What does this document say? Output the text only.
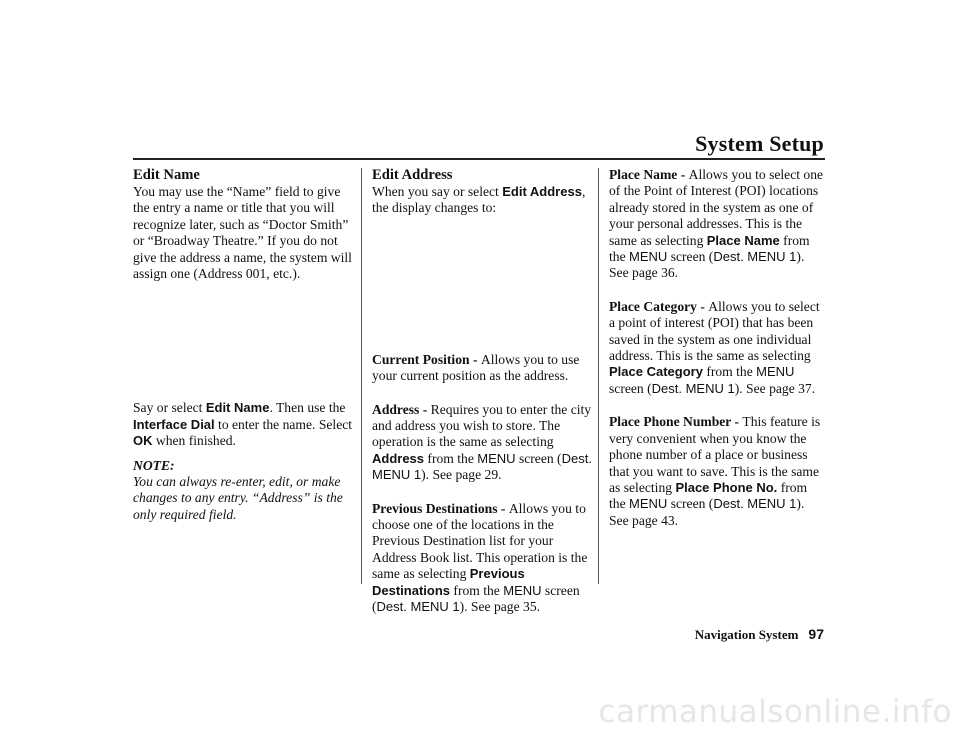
System Setup
Edit Name

You may use the “Name” field to give the entry a name or title that you will recognize later, such as “Doctor Smith” or “Broadway Theatre.” If you do not give the address a name, the system will assign one (Address 001, etc.).

Say or select Edit Name. Then use the Interface Dial to enter the name. Select OK when finished.

NOTE:

You can always re-enter, edit, or make changes to any entry. “Address” is the only required field.

Edit Address

When you say or select Edit Address, the display changes to:

Current Position - Allows you to use your current position as the address.

Address - Requires you to enter the city and address you wish to store. The operation is the same as selecting Address from the MENU screen (Dest. MENU 1). See page 29.

Previous Destinations - Allows you to choose one of the locations in the Previous Destination list for your Address Book list. This operation is the same as selecting Previous Destinations from the MENU screen (Dest. MENU 1). See page 35.

Place Name - Allows you to select one of the Point of Interest (POI) locations already stored in the system as one of your personal addresses. This is the same as selecting Place Name from the MENU screen (Dest. MENU 1). See page 36.

Place Category - Allows you to select a point of interest (POI) that has been saved in the system as one individual address. This is the same as selecting Place Category from the MENU screen (Dest. MENU 1). See page 37.

Place Phone Number - This feature is very convenient when you know the phone number of a place or business that you want to save. This is the same as selecting Place Phone No. from the MENU screen (Dest. MENU 1). See page 43.

Navigation System 97
carmanualsonline.info
